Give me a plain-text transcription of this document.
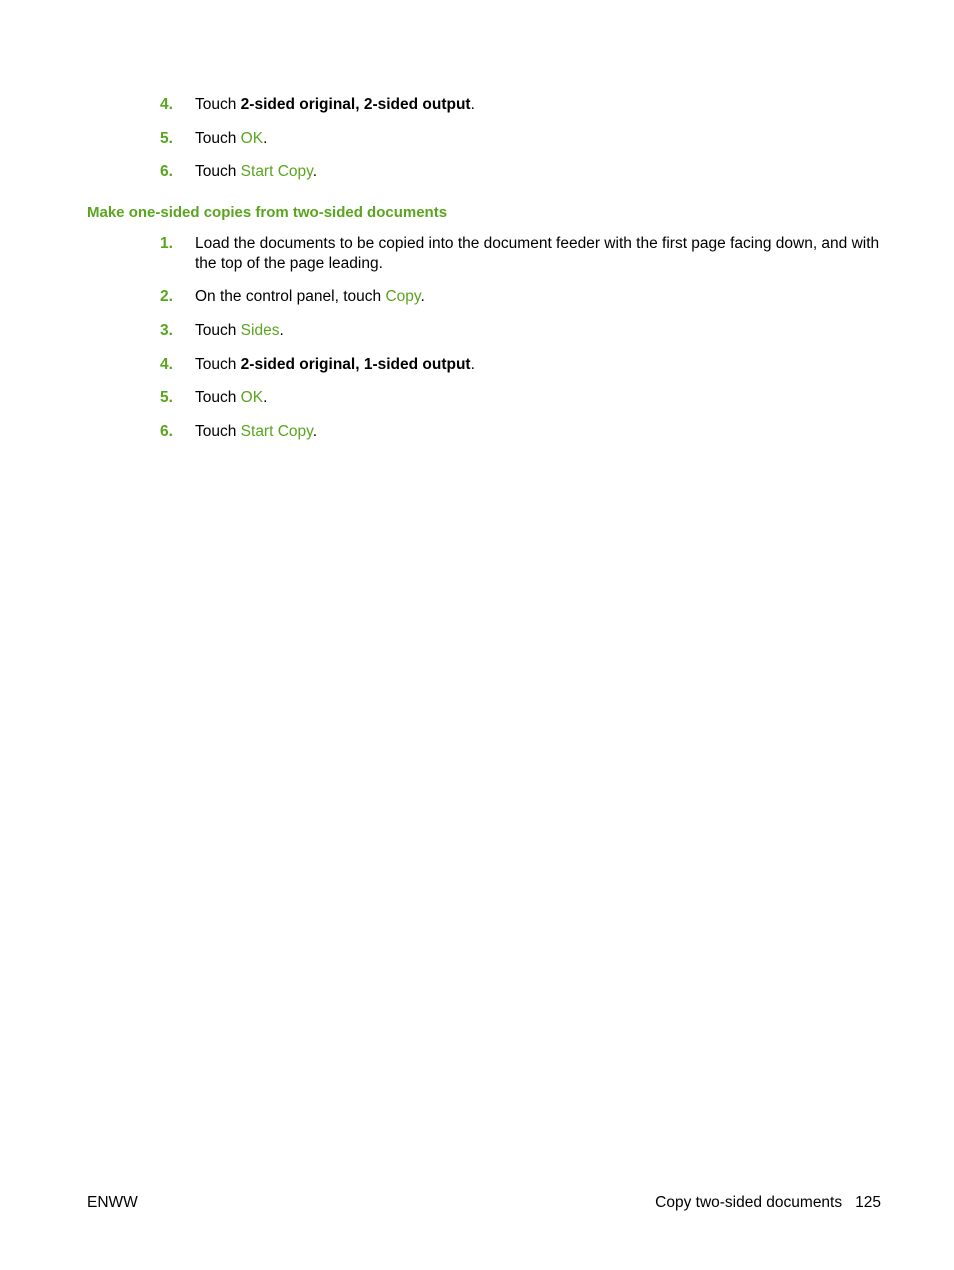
4. Touch 2-sided original, 2-sided output.
5. Touch OK.
6. Touch Start Copy.
Make one-sided copies from two-sided documents
1. Load the documents to be copied into the document feeder with the first page facing down, and with the top of the page leading.
2. On the control panel, touch Copy.
3. Touch Sides.
4. Touch 2-sided original, 1-sided output.
5. Touch OK.
6. Touch Start Copy.
ENWW	Copy two-sided documents 125
